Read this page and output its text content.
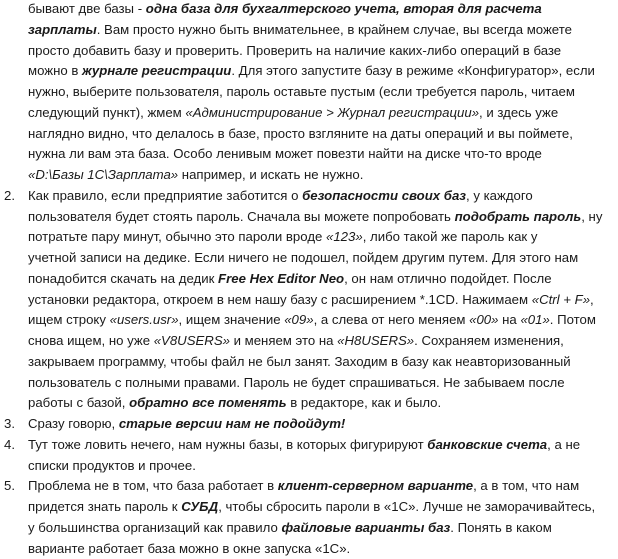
бывают две базы - одна база для бухгалтерского учета, вторая для расчета
зарплаты. Вам просто нужно быть внимательнее, в крайнем случае, вы всегда можете
просто добавить базу и проверить. Проверить на наличие каких-либо операций в базе
можно в журнале регистрации. Для этого запустите базу в режиме «Конфигуратор», если
нужно, выберите пользователя, пароль оставьте пустым (если требуется пароль, читаем
следующий пункт), жмем «Администрирование > Журнал регистрации», и здесь уже
наглядно видно, что делалось в базе, просто взгляните на даты операций и вы поймете,
нужна ли вам эта база. Особо ленивым может повезти найти на диске что-то вроде
«D:\Базы 1С\Зарплата» например, и искать не нужно.
2. Как правило, если предприятие заботится о безопасности своих баз, у каждого
пользователя будет стоять пароль. Сначала вы можете попробовать подобрать пароль, ну
потратьте пару минут, обычно это пароли вроде «123», либо такой же пароль как у
учетной записи на дедике. Если ничего не подошел, пойдем другим путем. Для этого нам
понадобится скачать на дедик Free Hex Editor Neo, он нам отлично подойдет. После
установки редактора, откроем в нем нашу базу с расширением *.1CD. Нажимаем «Ctrl + F»,
ищем строку «users.usr», ищем значение «09», а слева от него меняем «00» на «01». Потом
снова ищем, но уже «V8USERS» и меняем это на «H8USERS». Сохраняем изменения,
закрываем программу, чтобы файл не был занят. Заходим в базу как неавторизованный
пользователь с полными правами. Пароль не будет спрашиваться. Не забываем после
работы с базой, обратно все поменять в редакторе, как и было.
3. Сразу говорю, старые версии нам не подойдут!
4. Тут тоже ловить нечего, нам нужны базы, в которых фигурируют банковские счета, а не
списки продуктов и прочее.
5. Проблема не в том, что база работает в клиент-серверном варианте, а в том, что нам
придется знать пароль к СУБД, чтобы сбросить пароли в «1С». Лучше не заморачивайтесь,
у большинства организаций как правило файловые варианты баз. Понять в каком
варианте работает база можно в окне запуска «1С».
